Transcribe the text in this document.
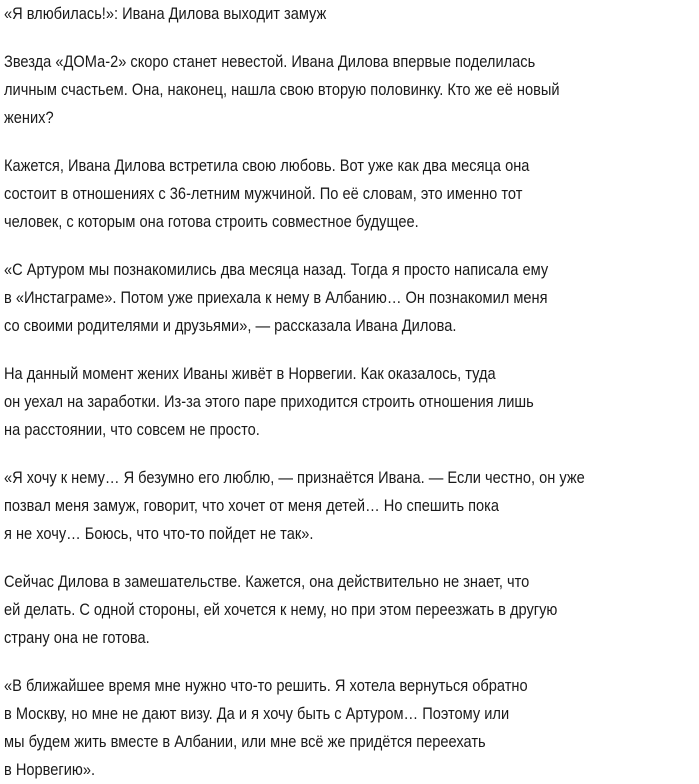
«Я влюбилась!»: Ивана Дилова выходит замуж

Звезда «ДОМа-2» скоро станет невестой. Ивана Дилова впервые поделилась
личным счастьем. Она, наконец, нашла свою вторую половинку. Кто же её новый
жених?

Кажется, Ивана Дилова встретила свою любовь. Вот уже как два месяца она
состоит в отношениях с 36-летним мужчиной. По её словам, это именно тот
человек, с которым она готова строить совместное будущее.

«С Артуром мы познакомились два месяца назад. Тогда я просто написала ему
в «Инстаграме». Потом уже приехала к нему в Албанию… Он познакомил меня
со своими родителями и друзьями», — рассказала Ивана Дилова.

На данный момент жених Иваны живёт в Норвегии. Как оказалось, туда
он уехал на заработки. Из-за этого паре приходится строить отношения лишь
на расстоянии, что совсем не просто.

«Я хочу к нему… Я безумно его люблю, — признаётся Ивана. — Если честно, он уже
позвал меня замуж, говорит, что хочет от меня детей… Но спешить пока
я не хочу… Боюсь, что что-то пойдет не так».

Сейчас Дилова в замешательстве. Кажется, она действительно не знает, что
ей делать. С одной стороны, ей хочется к нему, но при этом переезжать в другую
страну она не готова.

«В ближайшее время мне нужно что-то решить. Я хотела вернуться обратно
в Москву, но мне не дают визу. Да и я хочу быть с Артуром… Поэтому или
мы будем жить вместе в Албании, или мне всё же придётся переехать
в Норвегию».
